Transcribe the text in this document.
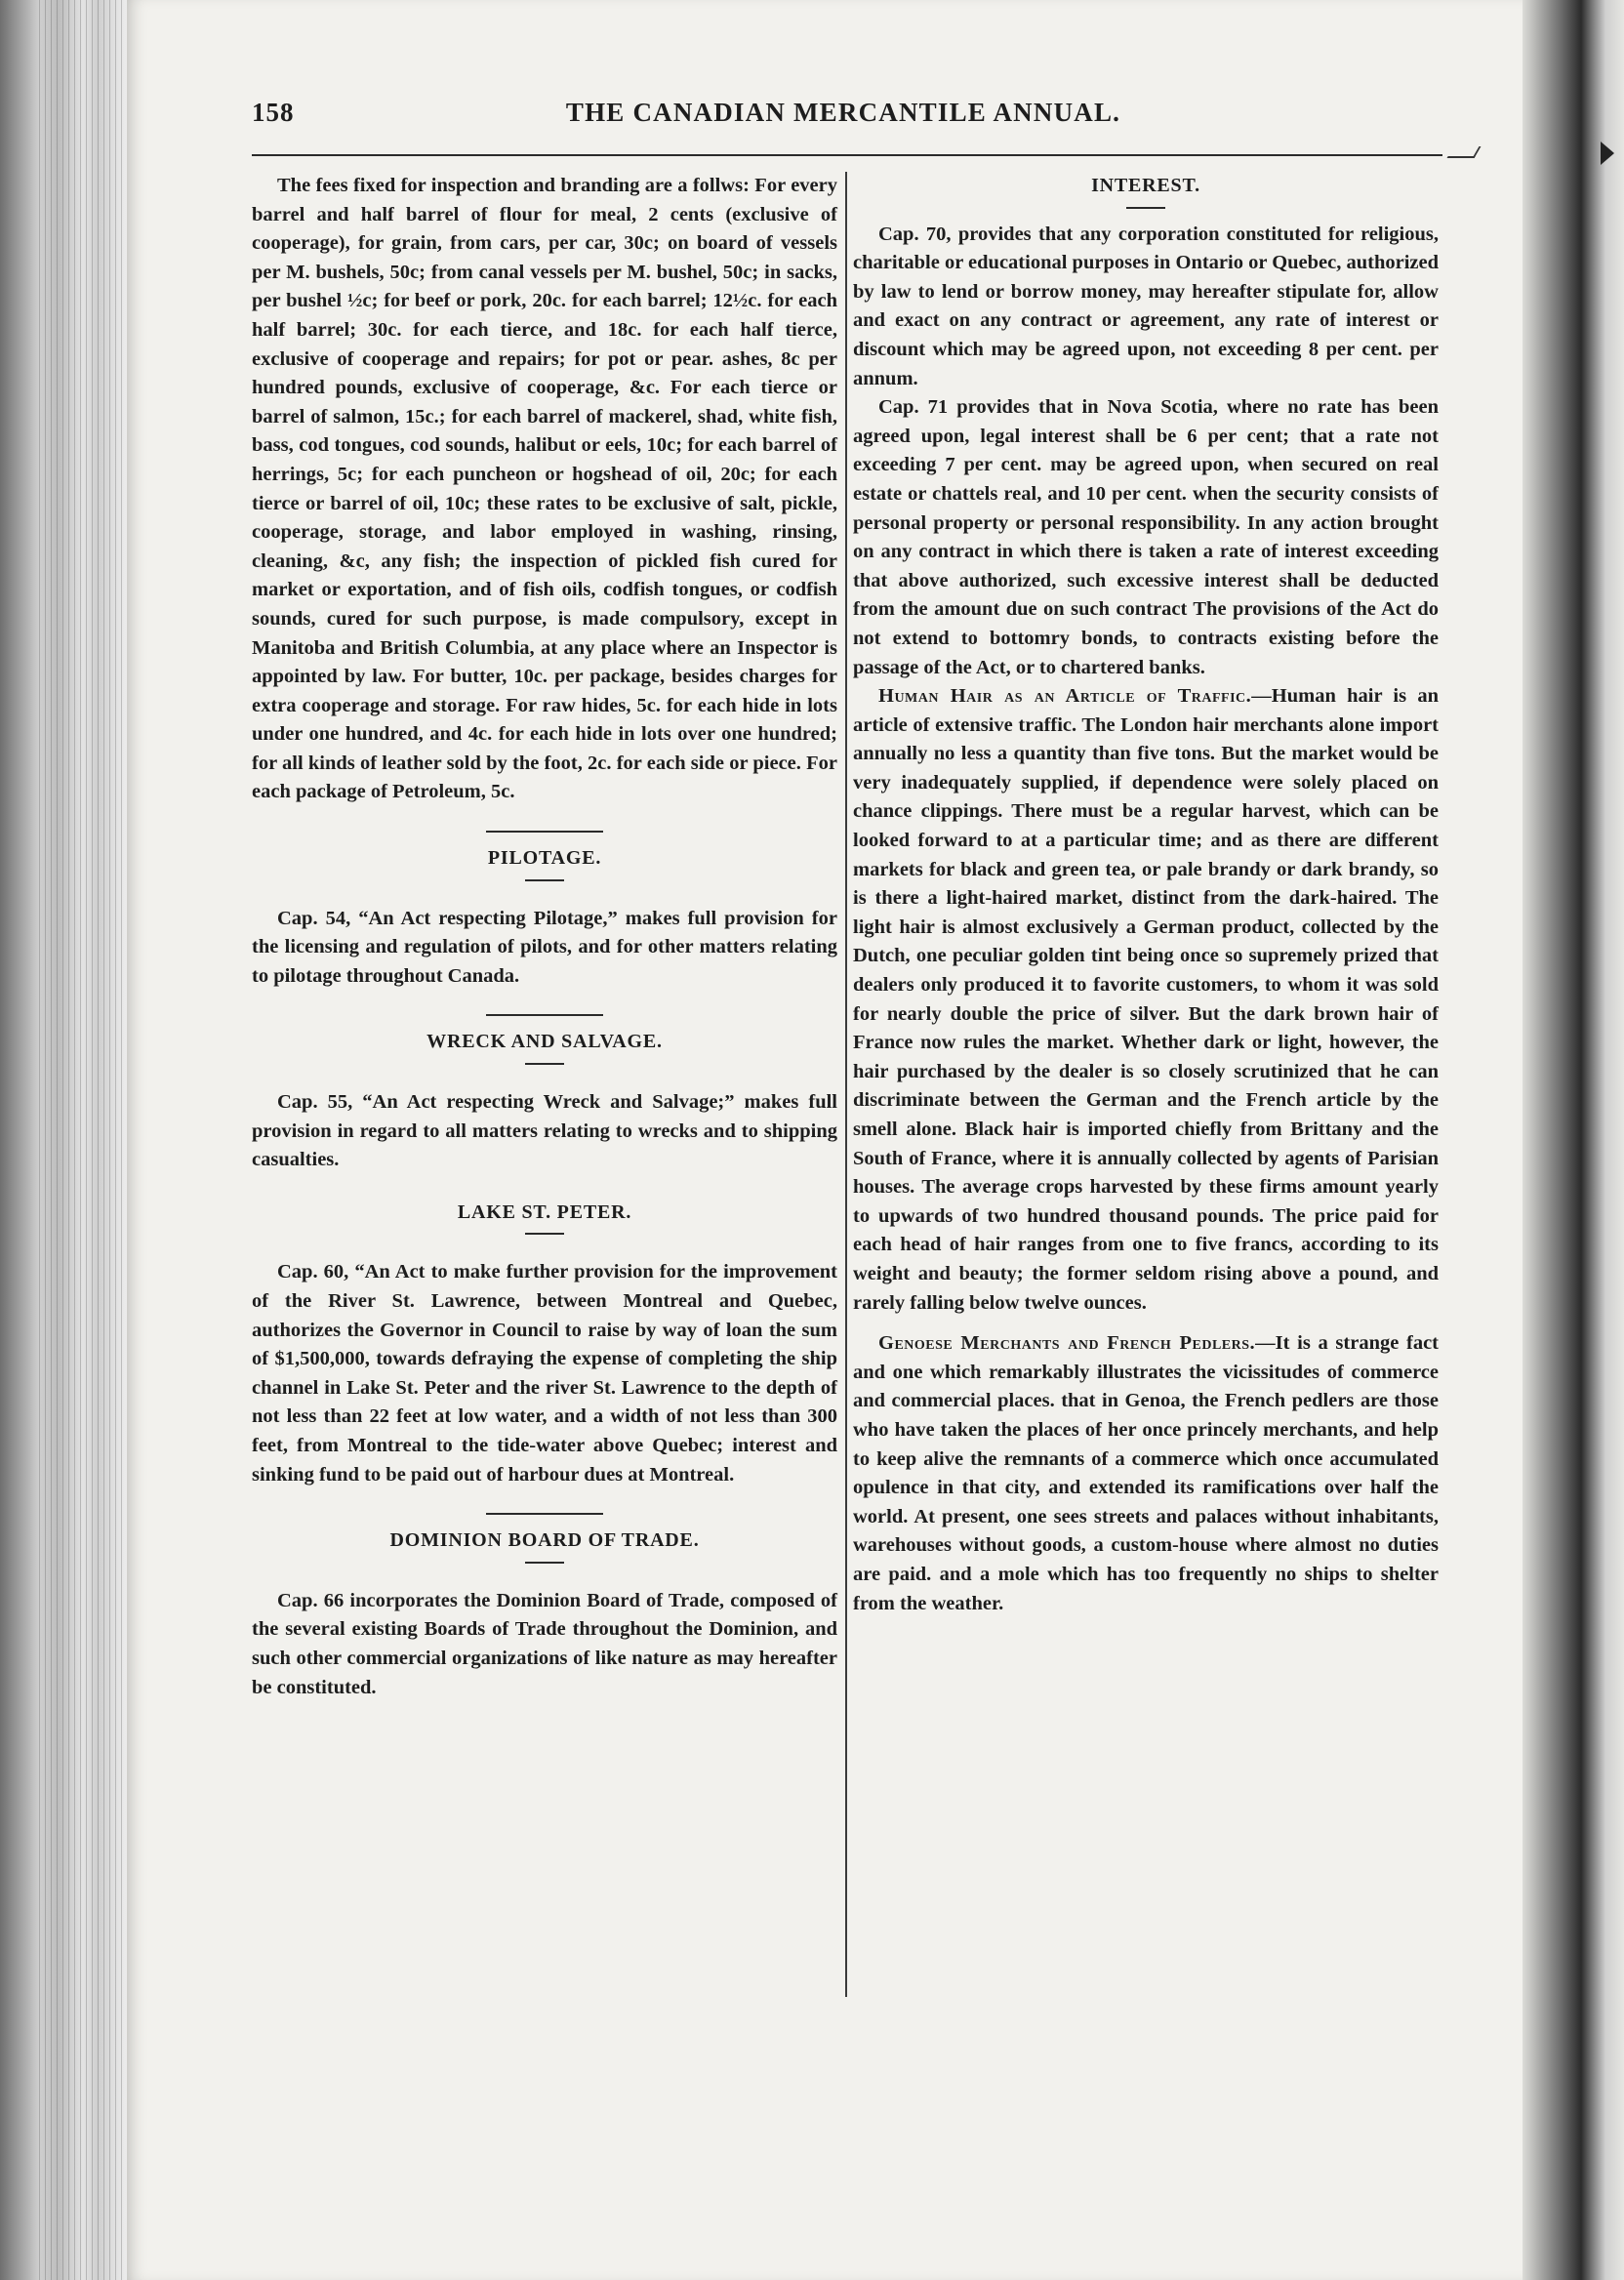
158	THE CANADIAN MERCANTILE ANNUAL.

The fees fixed for inspection and branding are a follws: For every barrel and half barrel of flour for meal, 2 cents (exclusive of cooperage), for grain, from cars, per car, 30c; on board of vessels per M. bushels, 50c; from canal vessels per M. bushel, 50c; in sacks, per bushel ½c; for beef or pork, 20c. for each barrel; 12½c. for each half barrel; 30c. for each tierce, and 18c. for each half tierce, exclusive of cooperage and repairs; for pot or pear. ashes, 8c per hundred pounds, exclusive of cooperage, &c. For each tierce or barrel of salmon, 15c.; for each barrel of mackerel, shad, white fish, bass, cod tongues, cod sounds, halibut or eels, 10c; for each barrel of herrings, 5c; for each puncheon or hogshead of oil, 20c; for each tierce or barrel of oil, 10c; these rates to be exclusive of salt, pickle, cooperage, storage, and labor employed in washing, rinsing, cleaning, &c, any fish; the inspection of pickled fish cured for market or exportation, and of fish oils, codfish tongues, or codfish sounds, cured for such purpose, is made compulsory, except in Manitoba and British Columbia, at any place where an Inspector is appointed by law. For butter, 10c. per package, besides charges for extra cooperage and storage. For raw hides, 5c. for each hide in lots under one hundred, and 4c. for each hide in lots over one hundred; for all kinds of leather sold by the foot, 2c. for each side or piece. For each package of Petroleum, 5c.

PILOTAGE.

Cap. 54, “An Act respecting Pilotage,” makes full provision for the licensing and regulation of pilots, and for other matters relating to pilotage throughout Canada.

WRECK AND SALVAGE.

Cap. 55, “An Act respecting Wreck and Salvage;” makes full provision in regard to all matters relating to wrecks and to shipping casualties.

LAKE ST. PETER.

Cap. 60, “An Act to make further provision for the improvement of the River St. Lawrence, between Montreal and Quebec, authorizes the Governor in Council to raise by way of loan the sum of $1,500,000, towards defraying the expense of completing the ship channel in Lake St. Peter and the river St. Lawrence to the depth of not less than 22 feet at low water, and a width of not less than 300 feet, from Montreal to the tide-water above Quebec; interest and sinking fund to be paid out of harbour dues at Montreal.

DOMINION BOARD OF TRADE.

Cap. 66 incorporates the Dominion Board of Trade, composed of the several existing Boards of Trade throughout the Dominion, and such other commercial organizations of like nature as may hereafter be constituted.

INTEREST.

Cap. 70, provides that any corporation constituted for religious, charitable or educational purposes in Ontario or Quebec, authorized by law to lend or borrow money, may hereafter stipulate for, allow and exact on any contract or agreement, any rate of interest or discount which may be agreed upon, not exceeding 8 per cent. per annum.

Cap. 71 provides that in Nova Scotia, where no rate has been agreed upon, legal interest shall be 6 per cent; that a rate not exceeding 7 per cent. may be agreed upon, when secured on real estate or chattels real, and 10 per cent. when the security consists of personal property or personal responsibility. In any action brought on any contract in which there is taken a rate of interest exceeding that above authorized, such excessive interest shall be deducted from the amount due on such contract The provisions of the Act do not extend to bottomry bonds, to contracts existing before the passage of the Act, or to chartered banks.

Human Hair as an Article of Traffic.—Human hair is an article of extensive traffic. The London hair merchants alone import annually no less a quantity than five tons. But the market would be very inadequately supplied, if dependence were solely placed on chance clippings. There must be a regular harvest, which can be looked forward to at a particular time; and as there are different markets for black and green tea, or pale brandy or dark brandy, so is there a light-haired market, distinct from the dark-haired. The light hair is almost exclusively a German product, collected by the Dutch, one peculiar golden tint being once so supremely prized that dealers only produced it to favorite customers, to whom it was sold for nearly double the price of silver. But the dark brown hair of France now rules the market. Whether dark or light, however, the hair purchased by the dealer is so closely scrutinized that he can discriminate between the German and the French article by the smell alone. Black hair is imported chiefly from Brittany and the South of France, where it is annually collected by agents of Parisian houses. The average crops harvested by these firms amount yearly to upwards of two hundred thousand pounds. The price paid for each head of hair ranges from one to five francs, according to its weight and beauty; the former seldom rising above a pound, and rarely falling below twelve ounces.

Genoese Merchants and French Pedlers.—It is a strange fact and one which remarkably illustrates the vicissitudes of commerce and commercial places. that in Genoa, the French pedlers are those who have taken the places of her once princely merchants, and help to keep alive the remnants of a commerce which once accumulated opulence in that city, and extended its ramifications over half the world. At present, one sees streets and palaces without inhabitants, warehouses without goods, a custom-house where almost no duties are paid. and a mole which has too frequently no ships to shelter from the weather.
